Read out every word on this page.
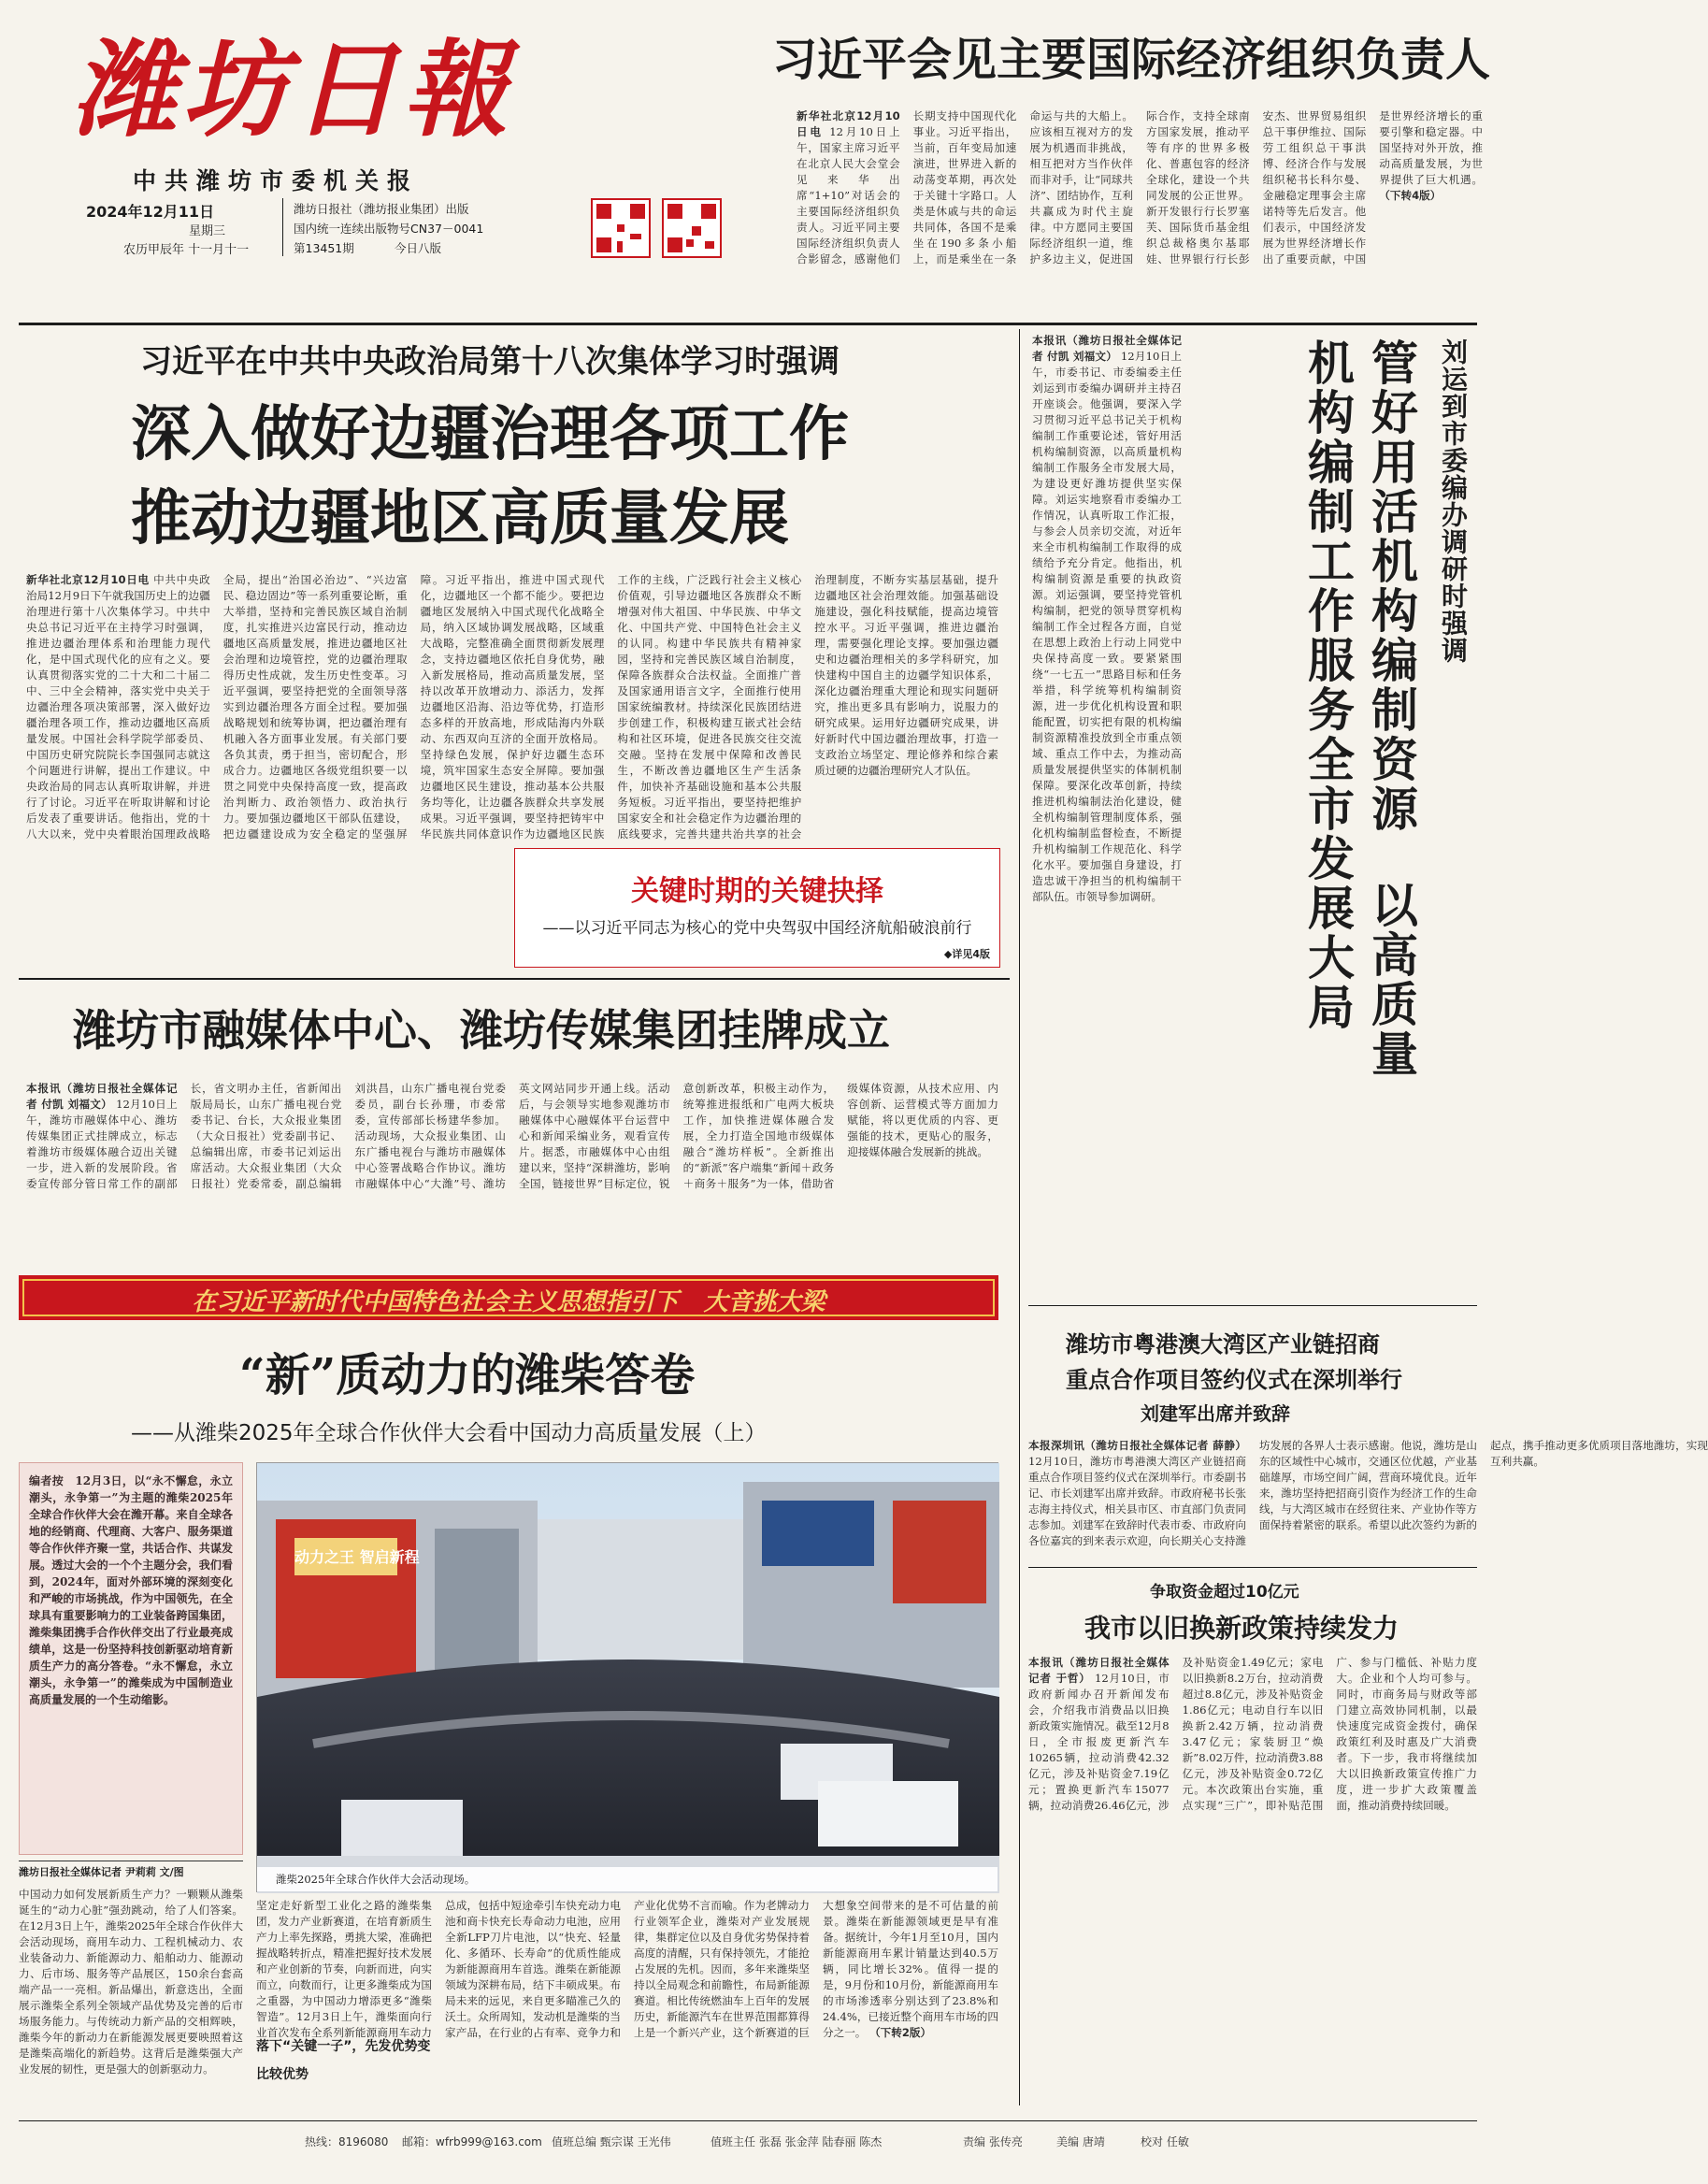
潍坊日報
中共潍坊市委机关报
2024年12月11日
星期三
农历甲辰年 十一月十一
潍坊日报社（潍坊报业集团）出版
国内统一连续出版物号CN37－0041
第13451期	今日八版
习近平会见主要国际经济组织负责人
新华社北京12月10日电 12月10日上午，国家主席习近平在北京人民大会堂会见来华出席“1+10”对话会的主要国际经济组织负责人。习近平同主要国际经济组织负责人合影留念，感谢他们长期支持中国现代化事业。习近平指出，当前，百年变局加速演进，世界进入新的动荡变革期，再次处于关键十字路口。人类是休戚与共的命运共同体，各国不是乘坐在190多条小船上，而是乘坐在一条命运与共的大船上。应该相互视对方的发展为机遇而非挑战，相互把对方当作伙伴而非对手，让“同球共济”、团结协作，互利共赢成为时代主旋律。中方愿同主要国际经济组织一道，维护多边主义，促进国际合作，支持全球南方国家发展，推动平等有序的世界多极化、普惠包容的经济全球化，建设一个共同发展的公正世界。新开发银行行长罗塞芙、国际货币基金组织总裁格奥尔基耶娃、世界银行行长彭安杰、世界贸易组织总干事伊维拉、国际劳工组织总干事洪博、经济合作与发展组织秘书长科尔曼、金融稳定理事会主席诺特等先后发言。他们表示，中国经济发展为世界经济增长作出了重要贡献，中国是世界经济增长的重要引擎和稳定器。中国坚持对外开放，推动高质量发展，为世界提供了巨大机遇。 （下转4版）
习近平在中共中央政治局第十八次集体学习时强调
深入做好边疆治理各项工作
推动边疆地区高质量发展
新华社北京12月10日电 中共中央政治局12月9日下午就我国历史上的边疆治理进行第十八次集体学习。中共中央总书记习近平在主持学习时强调，推进边疆治理体系和治理能力现代化，是中国式现代化的应有之义。要认真贯彻落实党的二十大和二十届二中、三中全会精神，落实党中央关于边疆治理各项决策部署，深入做好边疆治理各项工作，推动边疆地区高质量发展。中国社会科学院学部委员、中国历史研究院院长李国强同志就这个问题进行讲解，提出工作建议。中央政治局的同志认真听取讲解，并进行了讨论。习近平在听取讲解和讨论后发表了重要讲话。他指出，党的十八大以来，党中央着眼治国理政战略全局，提出“治国必治边”、“兴边富民、稳边固边”等一系列重要论断，重大举措，坚持和完善民族区域自治制度，扎实推进兴边富民行动，推动边疆地区高质量发展，推进边疆地区社会治理和边境管控，党的边疆治理取得历史性成就，发生历史性变革。习近平强调，要坚持把党的全面领导落实到边疆治理各方面全过程。要加强战略规划和统筹协调，把边疆治理有机融入各方面事业发展。有关部门要各负其责，勇于担当，密切配合，形成合力。边疆地区各级党组织要一以贯之同党中央保持高度一致，提高政治判断力、政治领悟力、政治执行力。要加强边疆地区干部队伍建设，把边疆建设成为安全稳定的坚强屏障。习近平指出，推进中国式现代化，边疆地区一个都不能少。要把边疆地区发展纳入中国式现代化战略全局，纳入区域协调发展战略，区域重大战略，完整准确全面贯彻新发展理念，支持边疆地区依托自身优势，融入新发展格局，推动高质量发展，坚持以改革开放增动力、添活力，发挥边疆地区沿海、沿边等优势，打造形态多样的开放高地，形成陆海内外联动、东西双向互济的全面开放格局。坚持绿色发展，保护好边疆生态环境，筑牢国家生态安全屏障。要加强边疆地区民生建设，推动基本公共服务均等化，让边疆各族群众共享发展成果。习近平强调，要坚持把铸牢中华民族共同体意识作为边疆地区民族工作的主线，广泛践行社会主义核心价值观，引导边疆地区各族群众不断增强对伟大祖国、中华民族、中华文化、中国共产党、中国特色社会主义的认同。构建中华民族共有精神家园，坚持和完善民族区域自治制度，保障各族群众合法权益。全面推广普及国家通用语言文字，全面推行使用国家统编教材。持续深化民族团结进步创建工作，积极构建互嵌式社会结构和社区环境，促进各民族交往交流交融。坚持在发展中保障和改善民生，不断改善边疆地区生产生活条件，加快补齐基础设施和基本公共服务短板。习近平指出，要坚持把维护国家安全和社会稳定作为边疆治理的底线要求，完善共建共治共享的社会治理制度，不断夯实基层基础，提升边疆地区社会治理效能。加强基础设施建设，强化科技赋能，提高边境管控水平。习近平强调，推进边疆治理，需要强化理论支撑。要加强边疆史和边疆治理相关的多学科研究，加快建构中国自主的边疆学知识体系，深化边疆治理重大理论和现实问题研究，推出更多具有影响力，说服力的研究成果。运用好边疆研究成果，讲好新时代中国边疆治理故事，打造一支政治立场坚定、理论修养和综合素质过硬的边疆治理研究人才队伍。
关键时期的关键抉择
——以习近平同志为核心的党中央驾驭中国经济航船破浪前行
◆详见4版
刘运到市委编办调研时强调
管好用活机构编制资源
以高质量
机构编制工作服务全市发展大局
本报讯（潍坊日报社全媒体记者 付凯 刘福文） 12月10日上午，市委书记、市委编委主任刘运到市委编办调研并主持召开座谈会。他强调，要深入学习贯彻习近平总书记关于机构编制工作重要论述，管好用活机构编制资源，以高质量机构编制工作服务全市发展大局，为建设更好潍坊提供坚实保障。刘运实地察看市委编办工作情况，认真听取工作汇报，与参会人员亲切交流，对近年来全市机构编制工作取得的成绩给予充分肯定。他指出，机构编制资源是重要的执政资源。刘运强调，要坚持党管机构编制，把党的领导贯穿机构编制工作全过程各方面，自觉在思想上政治上行动上同党中央保持高度一致。要紧紧围绕“一七五一”思路目标和任务举措，科学统筹机构编制资源，进一步优化机构设置和职能配置，切实把有限的机构编制资源精准投放到全市重点领域、重点工作中去，为推动高质量发展提供坚实的体制机制保障。要深化改革创新，持续推进机构编制法治化建设，健全机构编制管理制度体系，强化机构编制监督检查，不断提升机构编制工作规范化、科学化水平。要加强自身建设，打造忠诚干净担当的机构编制干部队伍。市领导参加调研。
潍坊市融媒体中心、潍坊传媒集团挂牌成立
本报讯（潍坊日报社全媒体记者 付凯 刘福文） 12月10日上午，潍坊市融媒体中心、潍坊传媒集团正式挂牌成立，标志着潍坊市级媒体融合迈出关键一步，进入新的发展阶段。省委宣传部分管日常工作的副部长，省文明办主任，省新闻出版局局长，山东广播电视台党委书记、台长，大众报业集团（大众日报社）党委副书记、总编辑出席，市委书记刘运出席活动。大众报业集团（大众日报社）党委常委，副总编辑刘洪昌，山东广播电视台党委委员，副台长孙珊，市委常委，宣传部部长杨建华参加。活动现场，大众报业集团、山东广播电视台与潍坊市融媒体中心签署战略合作协议。潍坊市融媒体中心“大潍”号、潍坊英文网站同步开通上线。活动后，与会领导实地参观潍坊市融媒体中心融媒体平台运营中心和新闻采编业务，观看宣传片。据悉，市融媒体中心由组建以来，坚持“深耕潍坊，影响全国，链接世界”目标定位，锐意创新改革，积极主动作为，统筹推进报纸和广电两大板块工作，加快推进媒体融合发展，全力打造全国地市级媒体融合“潍坊样板”。全新推出的“新派”客户端集“新闻＋政务＋商务＋服务”为一体，借助省级媒体资源，从技术应用、内容创新、运营模式等方面加力赋能，将以更优质的内容、更强能的技术，更贴心的服务，迎接媒体融合发展新的挑战。
在习近平新时代中国特色社会主义思想指引下   大音挑大梁
“新”质动力的潍柴答卷
——从潍柴2025年全球合作伙伴大会看中国动力高质量发展（上）
编者按　12月3日，以“永不懈怠，永立潮头，永争第一”为主题的潍柴2025年全球合作伙伴大会在潍开幕。来自全球各地的经销商、代理商、大客户、服务渠道等合作伙伴齐聚一堂，共话合作、共谋发展。透过大会的一个个主题分会，我们看到，2024年，面对外部环境的深刻变化和严峻的市场挑战，作为中国领先，在全球具有重要影响力的工业装备跨国集团，潍柴集团携手合作伙伴交出了行业最亮成绩单，这是一份坚持科技创新驱动培育新质生产力的高分答卷。“永不懈怠，永立潮头，永争第一”的潍柴成为中国制造业高质量发展的一个生动缩影。
潍坊日报社全媒体记者 尹莉莉 文/图
动力之王 智启新程
潍柴2025年全球合作伙伴大会活动现场。
中国动力如何发展新质生产力？一颗颗从潍柴诞生的“动力心脏”强劲跳动，给了人们答案。在12月3日上午，潍柴2025年全球合作伙伴大会活动现场，商用车动力、工程机械动力、农业装备动力、新能源动力、船舶动力、能源动力、后市场、服务等产品展区，150余台套高端产品一一亮相。新品爆出，新意迭出，全面展示潍柴全系列全领域产品优势及完善的后市场服务能力。与传统动力新产品的交相辉映，潍柴今年的新动力在新能源发展更要映照着这是潍柴高端化的新趋势。这背后是潍柴强大产业发展的韧性，更是强大的创新驱动力。	比较优势
落下“关键一子”，先发优势变
坚定走好新型工业化之路的潍柴集团，发力产业新赛道，在培育新质生产力上率先探路，勇挑大梁，准确把握战略转折点，精准把握好技术发展和产业创新的节奏，向新而进，向实而立，向数而行，让更多潍柴成为国之重器，为中国动力增添更多“潍柴智造”。12月3日上午，潍柴面向行业首次发布全系列新能源商用车动力总成，包括中短途牵引车快充动力电池和商卡快充长寿命动力电池，应用全新LFP刀片电池，以“快充、轻量化、多循环、长寿命”的优质性能成为新能源商用车首选。潍柴在新能源领域为深耕布局，结下丰硕成果。布局未来的远见，来自更多瞄准己久的沃土。众所周知，发动机是潍柴的当家产品，在行业的占有率、竞争力和产业化优势不言而喻。作为老牌动力行业领军企业，潍柴对产业发展规律，集群定位以及自身优劣势保持着高度的清醒，只有保持领先，才能抢占发展的先机。因而，多年来潍柴坚持以全局观念和前瞻性，布局新能源赛道。相比传统燃油车上百年的发展历史，新能源汽车在世界范围都算得上是一个新兴产业，这个新赛道的巨大想象空间带来的是不可估量的前景。潍柴在新能源领域更是早有准备。据统计，今年1月至10月，国内新能源商用车累计销量达到40.5万辆，同比增长32%。值得一提的是，9月份和10月份，新能源商用车的市场渗透率分别达到了23.8%和24.4%，已接近整个商用车市场的四分之一。 （下转2版）
潍坊市粤港澳大湾区产业链招商
重点合作项目签约仪式在深圳举行
刘建军出席并致辞
本报深圳讯（潍坊日报社全媒体记者 薛静） 12月10日，潍坊市粤港澳大湾区产业链招商重点合作项目签约仪式在深圳举行。市委副书记、市长刘建军出席并致辞。市政府秘书长张志海主持仪式，相关县市区、市直部门负责同志参加。刘建军在致辞时代表市委、市政府向各位嘉宾的到来表示欢迎，向长期关心支持潍坊发展的各界人士表示感谢。他说，潍坊是山东的区域性中心城市，交通区位优越，产业基础雄厚，市场空间广阔，营商环境优良。近年来，潍坊坚持把招商引资作为经济工作的生命线，与大湾区城市在经贸往来、产业协作等方面保持着紧密的联系。希望以此次签约为新的起点，携手推动更多优质项目落地潍坊，实现互利共赢。
争取资金超过10亿元
我市以旧换新政策持续发力
本报讯（潍坊日报社全媒体记者 于哲） 12月10日，市政府新闻办召开新闻发布会，介绍我市消费品以旧换新政策实施情况。截至12月8日，全市报废更新汽车10265辆，拉动消费42.32亿元，涉及补贴资金7.19亿元；置换更新汽车15077辆，拉动消费26.46亿元，涉及补贴资金1.49亿元；家电以旧换新8.2万台，拉动消费超过8.8亿元，涉及补贴资金1.86亿元；电动自行车以旧换新2.42万辆，拉动消费3.47亿元；家装厨卫“焕新”8.02万件，拉动消费3.88亿元，涉及补贴资金0.72亿元。本次政策出台实施，重点实现“三广”，即补贴范围广、参与门槛低、补贴力度大。企业和个人均可参与。同时，市商务局与财政等部门建立高效协同机制，以最快速度完成资金拨付，确保政策红利及时惠及广大消费者。下一步，我市将继续加大以旧换新政策宣传推广力度，进一步扩大政策覆盖面，推动消费持续回暖。
热线：8196080 邮箱：wfrb999@163.com 值班总编 甄宗谋 王光伟	值班主任 张磊 张金萍 陆春丽 陈杰	责编 张传亮	美编 唐靖	校对 任敏
